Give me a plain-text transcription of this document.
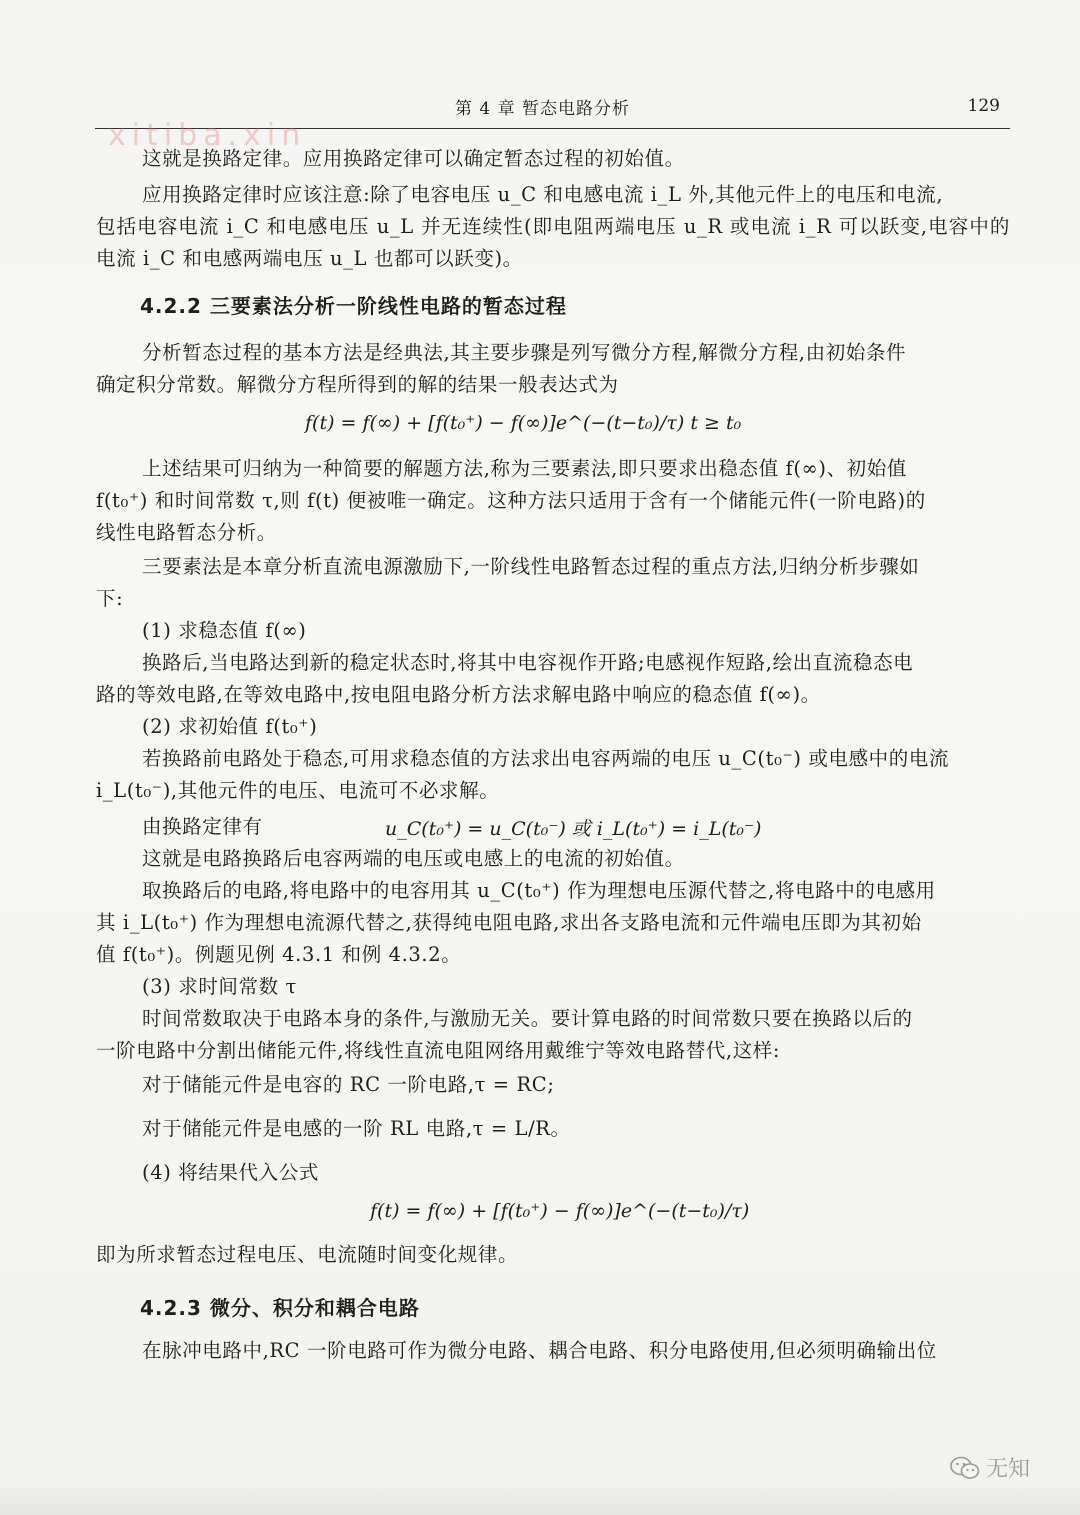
第 4 章 暂态电路分析	129
xitiba.xin
这就是换路定律。应用换路定律可以确定暂态过程的初始值。
应用换路定律时应该注意:除了电容电压 u_C 和电感电流 i_L 外,其他元件上的电压和电流,
包括电容电流 i_C 和电感电压 u_L 并无连续性(即电阻两端电压 u_R 或电流 i_R 可以跃变,电容中的
电流 i_C 和电感两端电压 u_L 也都可以跃变)。
4.2.2 三要素法分析一阶线性电路的暂态过程
分析暂态过程的基本方法是经典法,其主要步骤是列写微分方程,解微分方程,由初始条件
确定积分常数。解微分方程所得到的解的结果一般表达式为
f(t) = f(∞) + [f(t₀⁺) − f(∞)]e^(−(t−t₀)/τ) t ≥ t₀
上述结果可归纳为一种简要的解题方法,称为三要素法,即只要求出稳态值 f(∞)、初始值
f(t₀⁺) 和时间常数 τ,则 f(t) 便被唯一确定。这种方法只适用于含有一个储能元件(一阶电路)的
线性电路暂态分析。
三要素法是本章分析直流电源激励下,一阶线性电路暂态过程的重点方法,归纳分析步骤如
下:
(1) 求稳态值 f(∞)
换路后,当电路达到新的稳定状态时,将其中电容视作开路;电感视作短路,绘出直流稳态电
路的等效电路,在等效电路中,按电阻电路分析方法求解电路中响应的稳态值 f(∞)。
(2) 求初始值 f(t₀⁺)
若换路前电路处于稳态,可用求稳态值的方法求出电容两端的电压 u_C(t₀⁻) 或电感中的电流
i_L(t₀⁻),其他元件的电压、电流可不必求解。
由换路定律有	u_C(t₀⁺) = u_C(t₀⁻) 或 i_L(t₀⁺) = i_L(t₀⁻)
这就是电路换路后电容两端的电压或电感上的电流的初始值。
取换路后的电路,将电路中的电容用其 u_C(t₀⁺) 作为理想电压源代替之,将电路中的电感用
其 i_L(t₀⁺) 作为理想电流源代替之,获得纯电阻电路,求出各支路电流和元件端电压即为其初始
值 f(t₀⁺)。例题见例 4.3.1 和例 4.3.2。
(3) 求时间常数 τ
时间常数取决于电路本身的条件,与激励无关。要计算电路的时间常数只要在换路以后的
一阶电路中分割出储能元件,将线性直流电阻网络用戴维宁等效电路替代,这样:
对于储能元件是电容的 RC 一阶电路,τ = RC;
对于储能元件是电感的一阶 RL 电路,τ = L/R。
(4) 将结果代入公式
f(t) = f(∞) + [f(t₀⁺) − f(∞)]e^(−(t−t₀)/τ)
即为所求暂态过程电压、电流随时间变化规律。
4.2.3 微分、积分和耦合电路
在脉冲电路中,RC 一阶电路可作为微分电路、耦合电路、积分电路使用,但必须明确输出位
无知
